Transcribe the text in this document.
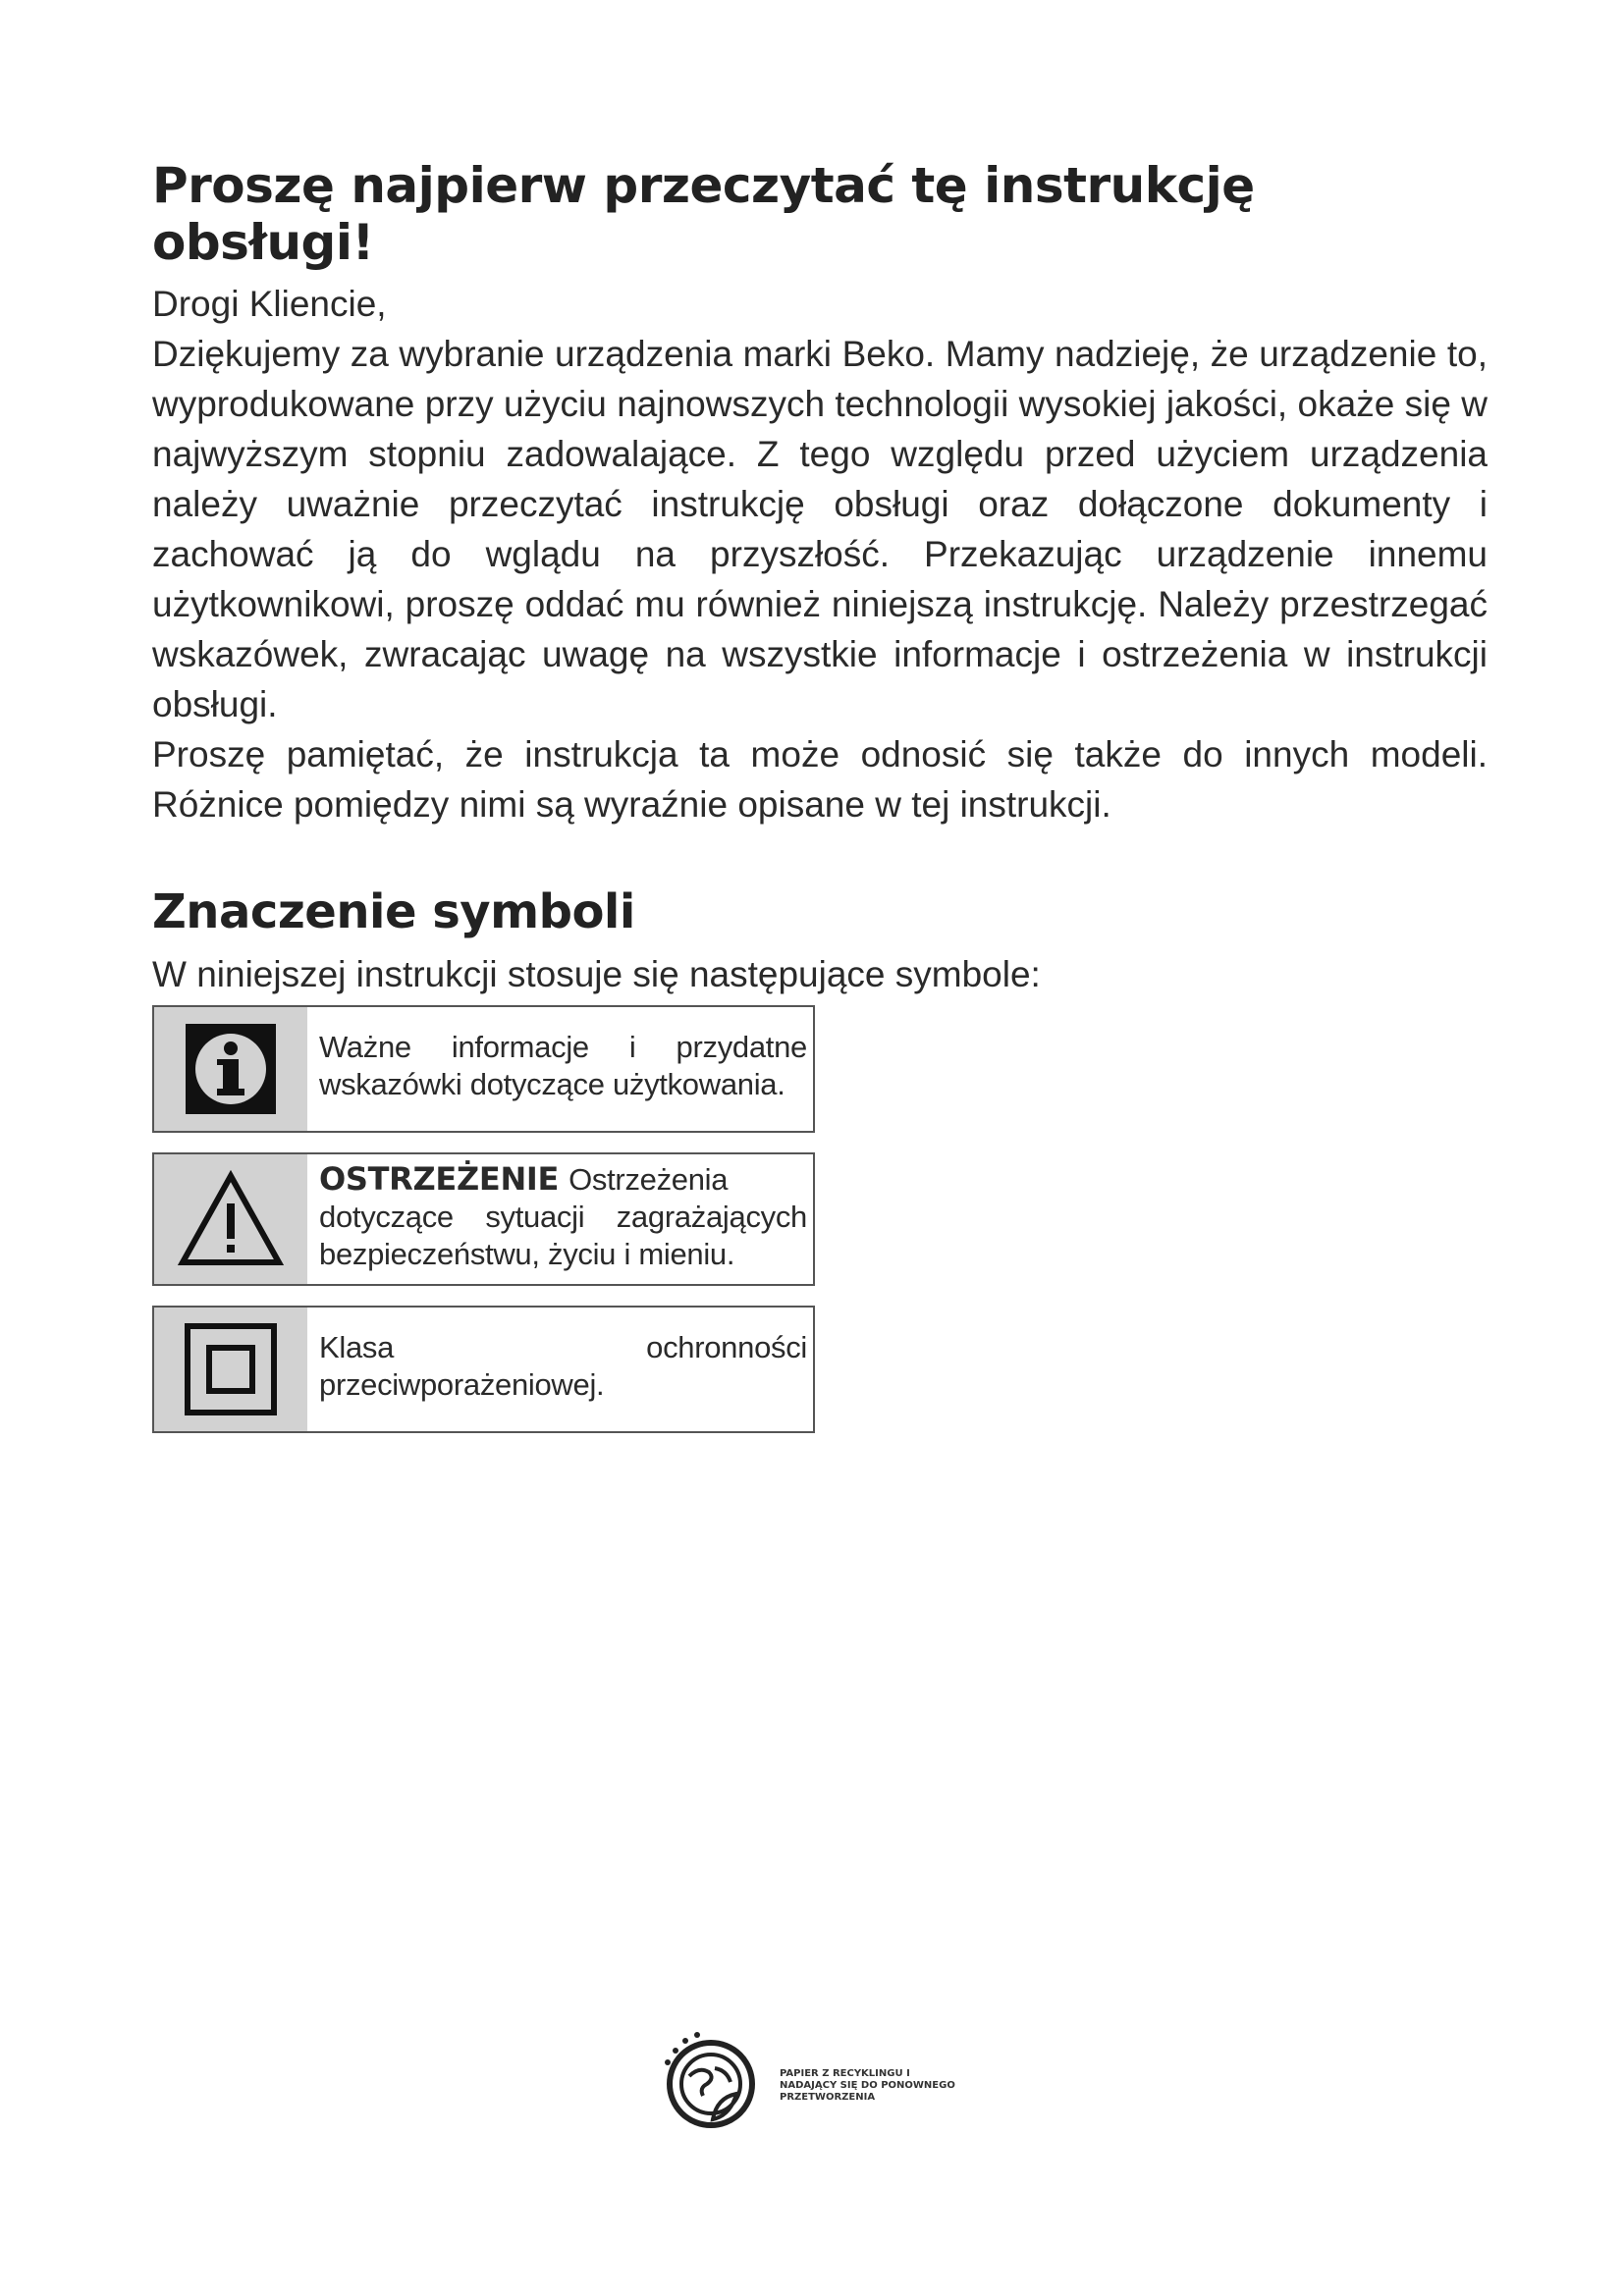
Proszę najpierw przeczytać tę instrukcję obsługi!

Drogi Kliencie,

Dziękujemy za wybranie urządzenia marki Beko. Mamy nadzieję, że urządzenie to, wyprodukowane przy użyciu najnowszych technologii wysokiej jakości, okaże się w najwyższym stopniu zadowalające. Z tego względu przed użyciem urządzenia należy uważnie przeczytać instrukcję obsługi oraz dołączone dokumenty i zachować ją do wglądu na przyszłość. Przekazując urządzenie innemu użytkownikowi, proszę oddać mu również niniejszą instrukcję. Należy przestrzegać wskazówek, zwracając uwagę na wszystkie informacje i ostrzeżenia w instrukcji obsługi.

Proszę pamiętać, że instrukcja ta może odnosić się także do innych modeli. Różnice pomiędzy nimi są wyraźnie opisane w tej instrukcji.

Znaczenie symboli

W niniejszej instrukcji stosuje się następujące symbole:

Ważne informacje i przydatne wskazówki dotyczące użytkowania.
OSTRZEŻENIE Ostrzeżenia dotyczące sytuacji zagrażających bezpieczeństwu, życiu i mieniu.
Klasa ochronności przeciwporażeniowej.
PAPIER Z RECYKLINGU I
NADAJĄCY SIĘ DO PONOWNEGO
PRZETWORZENIA
